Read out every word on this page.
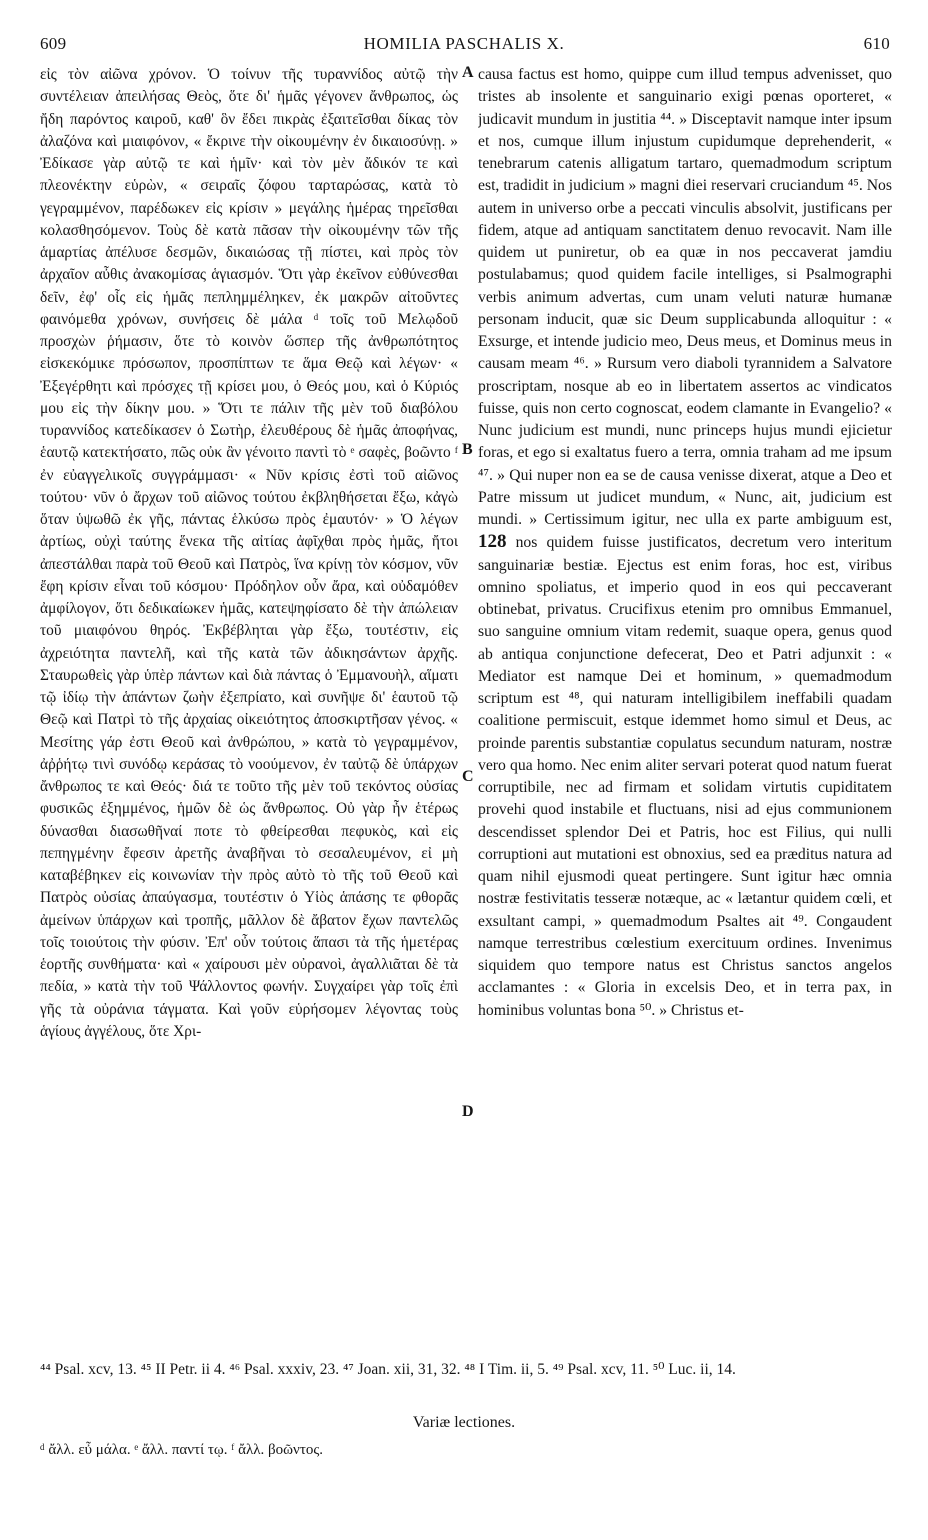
609	HOMILIA PASCHALIS X.	610
A
B
C
D

εἰς τὸν αἰῶνα χρόνον. Ὁ τοίνυν τῆς τυραννίδος αὐτῷ τὴν συντέλειαν ἀπειλήσας Θεὸς, ὅτε δι' ἡμᾶς γέγονεν ἄνθρωπος, ὡς ἤδη παρόντος καιροῦ, καθ' ὃν ἔδει πικρὰς ἐξαιτεῖσθαι δίκας τὸν ἀλαζόνα καὶ μιαιφόνον, « ἔκρινε τὴν οἰκουμένην ἐν δικαιοσύνῃ. » Ἐδίκασε γὰρ αὐτῷ τε καὶ ἡμῖν· καὶ τὸν μὲν ἄδικόν τε καὶ πλεονέκτην εὑρὼν, « σειραῖς ζόφου ταρταρώσας, κατὰ τὸ γεγραμμένον, παρέδωκεν εἰς κρίσιν » μεγάλης ἡμέρας τηρεῖσθαι κολασθησόμενον. Τοὺς δὲ κατὰ πᾶσαν τὴν οἰκουμένην τῶν τῆς ἁμαρτίας ἀπέλυσε δεσμῶν, δικαιώσας τῇ πίστει, καὶ πρὸς τὸν ἀρχαῖον αὖθις ἀνακομίσας ἁγιασμόν. Ὅτι γὰρ ἐκεῖνον εὐθύνεσθαι δεῖν, ἐφ' οἷς εἰς ἡμᾶς πεπλημμέληκεν, ἐκ μακρῶν αἰτοῦντες φαινόμεθα χρόνων, συνήσεις δὲ μάλα ᵈ τοῖς τοῦ Μελῳδοῦ προσχὼν ῥήμασιν, ὅτε τὸ κοινὸν ὥσπερ τῆς ἀνθρωπότητος εἰσκεκόμικε πρόσωπον, προσπίπτων τε ἅμα Θεῷ καὶ λέγων· « Ἐξεγέρθητι καὶ πρόσχες τῇ κρίσει μου, ὁ Θεός μου, καὶ ὁ Κύριός μου εἰς τὴν δίκην μου. » Ὅτι τε πάλιν τῆς μὲν τοῦ διαβόλου τυραννίδος κατεδίκασεν ὁ Σωτὴρ, ἐλευθέρους δὲ ἡμᾶς ἀποφήνας, ἑαυτῷ κατεκτήσατο, πῶς οὐκ ἂν γένοιτο παντὶ τὸ ᵉ σαφὲς, βοῶντο ᶠ ἐν εὐαγγελικοῖς συγγράμμασι· « Νῦν κρίσις ἐστὶ τοῦ αἰῶνος τούτου· νῦν ὁ ἄρχων τοῦ αἰῶνος τούτου ἐκβληθήσεται ἔξω, κἀγὼ ὅταν ὑψωθῶ ἐκ γῆς, πάντας ἑλκύσω πρὸς ἐμαυτόν· » Ὁ λέγων ἀρτίως, οὐχὶ ταύτης ἕνεκα τῆς αἰτίας ἀφῖχθαι πρὸς ἡμᾶς, ἤτοι ἀπεστάλθαι παρὰ τοῦ Θεοῦ καὶ Πατρὸς, ἵνα κρίνῃ τὸν κόσμον, νῦν ἔφη κρίσιν εἶναι τοῦ κόσμου· Πρόδηλον οὖν ἄρα, καὶ οὐδαμόθεν ἀμφίλογον, ὅτι δεδικαίωκεν ἡμᾶς, κατεψηφίσατο δὲ τὴν ἀπώλειαν τοῦ μιαιφόνου θηρός. Ἐκβέβληται γὰρ ἔξω, τουτέστιν, εἰς ἀχρειότητα παντελῆ, καὶ τῆς κατὰ τῶν ἀδικησάντων ἀρχῆς. Σταυρωθεὶς γὰρ ὑπὲρ πάντων καὶ διὰ πάντας ὁ Ἐμμανουὴλ, αἵματι τῷ ἰδίῳ τὴν ἁπάντων ζωὴν ἐξεπρίατο, καὶ συνῆψε δι' ἑαυτοῦ τῷ Θεῷ καὶ Πατρὶ τὸ τῆς ἀρχαίας οἰκειότητος ἀποσκιρτῆσαν γένος. « Μεσίτης γάρ ἐστι Θεοῦ καὶ ἀνθρώπου, » κατὰ τὸ γεγραμμένον, ἀῤῥήτῳ τινὶ συνόδῳ κεράσας τὸ νοούμενον, ἐν ταὐτῷ δὲ ὑπάρχων ἄνθρωπος τε καὶ Θεός· διά τε τοῦτο τῆς μὲν τοῦ τεκόντος οὐσίας φυσικῶς ἐξημμένος, ἡμῶν δὲ ὡς ἄνθρωπος. Οὐ γὰρ ἦν ἑτέρως δύνασθαι διασωθῆναί ποτε τὸ φθείρεσθαι πεφυκὸς, καὶ εἰς πεπηγμένην ἔφεσιν ἀρετῆς ἀναβῆναι τὸ σεσαλευμένον, εἰ μὴ καταβέβηκεν εἰς κοινωνίαν τὴν πρὸς αὐτὸ τὸ τῆς τοῦ Θεοῦ καὶ Πατρὸς οὐσίας ἀπαύγασμα, τουτέστιν ὁ Υἱὸς ἁπάσης τε φθορᾶς ἀμείνων ὑπάρχων καὶ τροπῆς, μᾶλλον δὲ ἄβατον ἔχων παντελῶς τοῖς τοιούτοις τὴν φύσιν. Ἐπ' οὖν τούτοις ἅπασι τὰ τῆς ἡμετέρας ἑορτῆς συνθήματα· καὶ « χαίρουσι μὲν οὐρανοὶ, ἀγαλλιᾶται δὲ τὰ πεδία, » κατὰ τὴν τοῦ Ψάλλοντος φωνήν. Συγχαίρει γὰρ τοῖς ἐπὶ γῆς τὰ οὐράνια τάγματα. Καὶ γοῦν εὑρήσομεν λέγοντας τοὺς ἁγίους ἀγγέλους, ὅτε Χρι-

causa factus est homo, quippe cum illud tempus advenisset, quo tristes ab insolente et sanguinario exigi pœnas oporteret, « judicavit mundum in justitia ⁴⁴. » Disceptavit namque inter ipsum et nos, cumque illum injustum cupidumque deprehenderit, « tenebrarum catenis alligatum tartaro, quemadmodum scriptum est, tradidit in judicium » magni diei reservari cruciandum ⁴⁵. Nos autem in universo orbe a peccati vinculis absolvit, justificans per fidem, atque ad antiquam sanctitatem denuo revocavit. Nam ille quidem ut puniretur, ob ea quæ in nos peccaverat jamdiu postulabamus; quod quidem facile intelliges, si Psalmographi verbis animum advertas, cum unam veluti naturæ humanæ personam inducit, quæ sic Deum supplicabunda alloquitur : « Exsurge, et intende judicio meo, Deus meus, et Dominus meus in causam meam ⁴⁶. » Rursum vero diaboli tyrannidem a Salvatore proscriptam, nosque ab eo in libertatem assertos ac vindicatos fuisse, quis non certo cognoscat, eodem clamante in Evangelio? « Nunc judicium est mundi, nunc princeps hujus mundi ejicietur foras, et ego si exaltatus fuero a terra, omnia traham ad me ipsum ⁴⁷. » Qui nuper non ea se de causa venisse dixerat, atque a Deo et Patre missum ut judicet mundum, « Nunc, ait, judicium est mundi. » Certissimum igitur, nec ulla ex parte ambiguum est, 128 nos quidem fuisse justificatos, decretum vero interitum sanguinariæ bestiæ. Ejectus est enim foras, hoc est, viribus omnino spoliatus, et imperio quod in eos qui peccaverant obtinebat, privatus. Crucifixus etenim pro omnibus Emmanuel, suo sanguine omnium vitam redemit, suaque opera, genus quod ab antiqua conjunctione defecerat, Deo et Patri adjunxit : « Mediator est namque Dei et hominum, » quemadmodum scriptum est ⁴⁸, qui naturam intelligibilem ineffabili quadam coalitione permiscuit, estque idemmet homo simul et Deus, ac proinde parentis substantiæ copulatus secundum naturam, nostræ vero qua homo. Nec enim aliter servari poterat quod natum fuerat corruptibile, nec ad firmam et solidam virtutis cupiditatem provehi quod instabile et fluctuans, nisi ad ejus communionem descendisset splendor Dei et Patris, hoc est Filius, qui nulli corruptioni aut mutationi est obnoxius, sed ea præditus natura ad quam nihil ejusmodi queat pertingere. Sunt igitur hæc omnia nostræ festivitatis tesseræ notæque, ac « lætantur quidem cœli, et exsultant campi, » quemadmodum Psaltes ait ⁴⁹. Congaudent namque terrestribus cœlestium exercituum ordines. Invenimus siquidem quo tempore natus est Christus sanctos angelos acclamantes : « Gloria in excelsis Deo, et in terra pax, in hominibus voluntas bona ⁵⁰. » Christus et-

⁴⁴ Psal. xcv, 13. ⁴⁵ II Petr. ii 4. ⁴⁶ Psal. xxxiv, 23. ⁴⁷ Joan. xii, 31, 32. ⁴⁸ I Tim. ii, 5. ⁴⁹ Psal. xcv, 11. ⁵⁰ Luc. ii, 14.
Variæ lectiones.
ᵈ ἄλλ. εὖ μάλα. ᵉ ἄλλ. παντί τῳ. ᶠ ἄλλ. βοῶντος.
